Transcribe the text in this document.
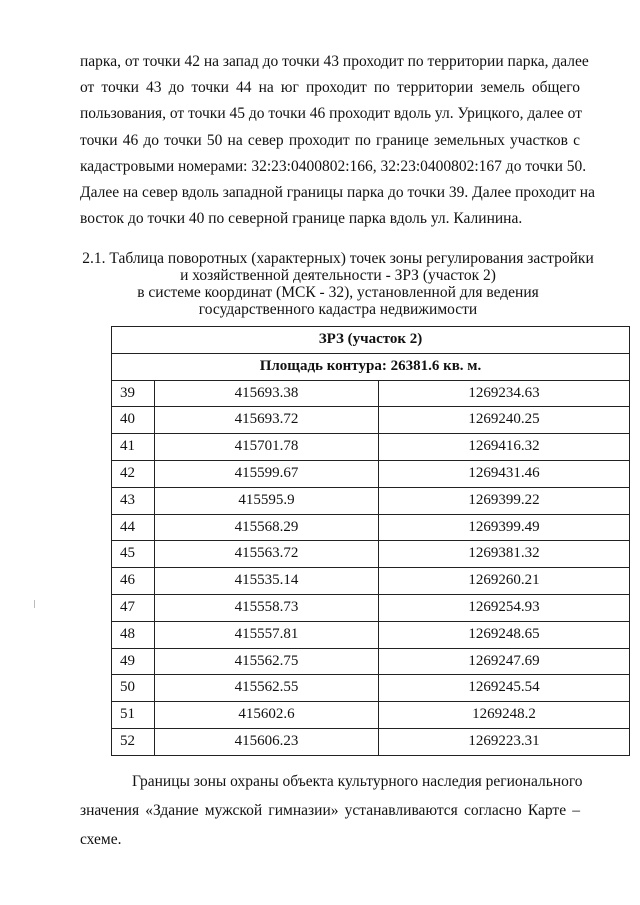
парка, от точки 42 на запад до точки 43 проходит по территории парка, далее
от точки 43 до точки 44 на юг проходит по территории земель общего
пользования, от точки 45 до точки 46 проходит вдоль ул. Урицкого, далее от
точки 46 до точки 50 на север проходит по границе земельных участков с
кадастровыми номерами: 32:23:0400802:166, 32:23:0400802:167 до точки 50.
Далее на север вдоль западной границы парка до точки 39. Далее проходит на
восток до точки 40 по северной границе парка вдоль ул. Калинина.
2.1. Таблица поворотных (характерных) точек зоны регулирования застройки
и хозяйственной деятельности - ЗРЗ (участок 2)
в системе координат (МСК - 32), установленной для ведения
государственного кадастра недвижимости
ЗРЗ (участок 2)		
Площадь контура: 26381.6 кв. м.		
39	415693.38	1269234.63
40	415693.72	1269240.25
41	415701.78	1269416.32
42	415599.67	1269431.46
43	415595.9	1269399.22
44	415568.29	1269399.49
45	415563.72	1269381.32
46	415535.14	1269260.21
47	415558.73	1269254.93
48	415557.81	1269248.65
49	415562.75	1269247.69
50	415562.55	1269245.54
51	415602.6	1269248.2
52	415606.23	1269223.31
Границы зоны охраны объекта культурного наследия регионального
значения «Здание мужской гимназии» устанавливаются согласно Карте –
схеме.
